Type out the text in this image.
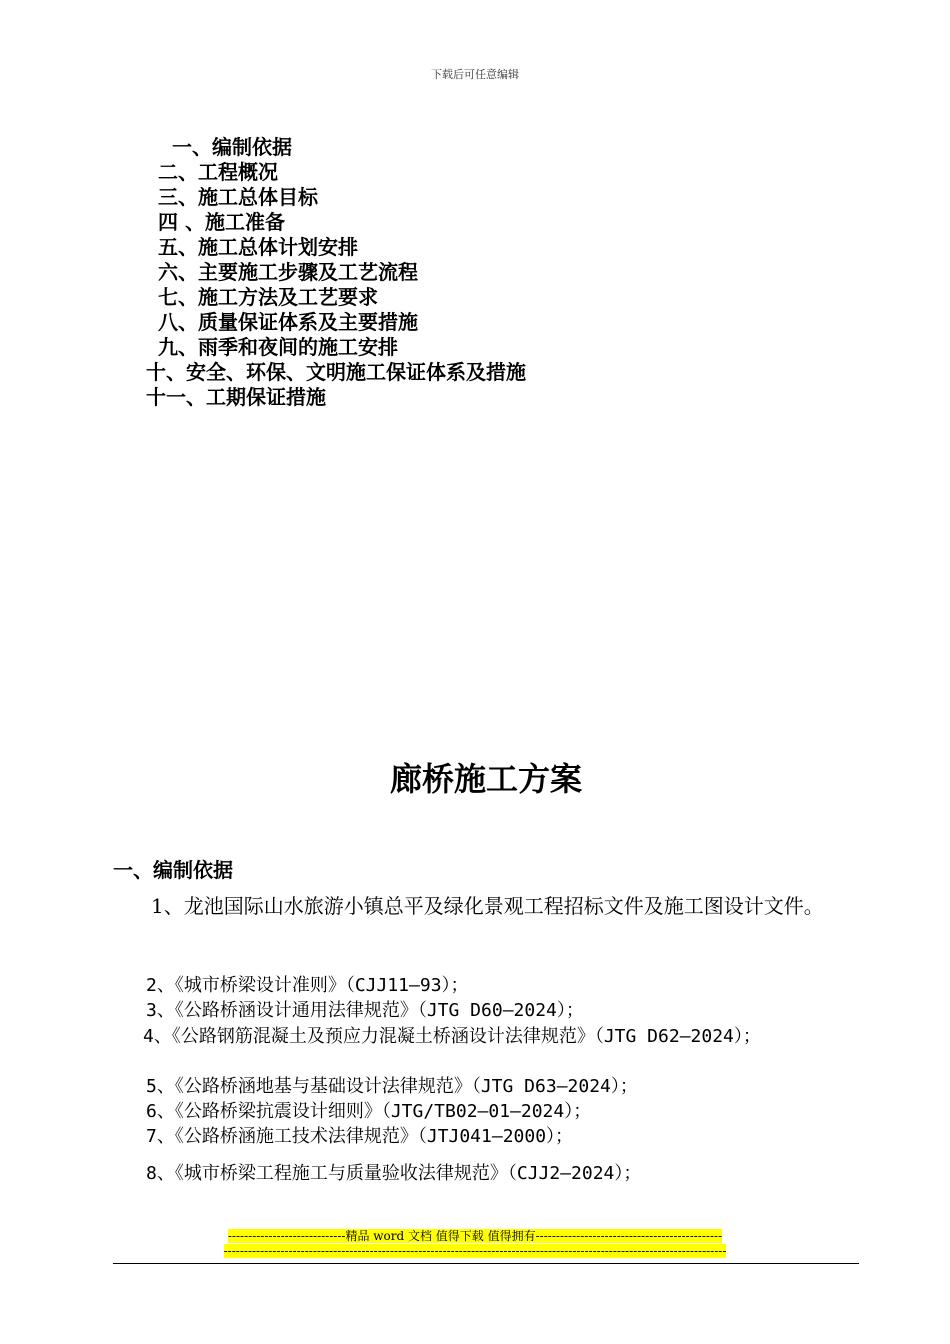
下载后可任意编辑
一、编制依据
二、工程概况
三、施工总体目标
四 、施工准备
五、施工总体计划安排
六、主要施工步骤及工艺流程
七、施工方法及工艺要求
八、质量保证体系及主要措施
九、雨季和夜间的施工安排
十、安全、环保、文明施工保证体系及措施
十一、工期保证措施
廊桥施工方案
一、编制依据
1、龙池国际山水旅游小镇总平及绿化景观工程招标文件及施工图设计文件。
2、《城市桥梁设计准则》（CJJ11—93）；
3、《公路桥涵设计通用法律规范》（JTG D60—2024）；
4、《公路钢筋混凝土及预应力混凝土桥涵设计法律规范》（JTG D62—2024）；
5、《公路桥涵地基与基础设计法律规范》（JTG D63—2024）；
6、《公路桥梁抗震设计细则》（JTG/TB02—01—2024）；
7、《公路桥涵施工技术法律规范》（JTJ041—2000）；
8、《城市桥梁工程施工与质量验收法律规范》（CJJ2—2024）；
-----------------------------精品 word 文档 值得下载 值得拥有----------------------------------------------
----------------------------------------------------------------------------------------------------------------------------
